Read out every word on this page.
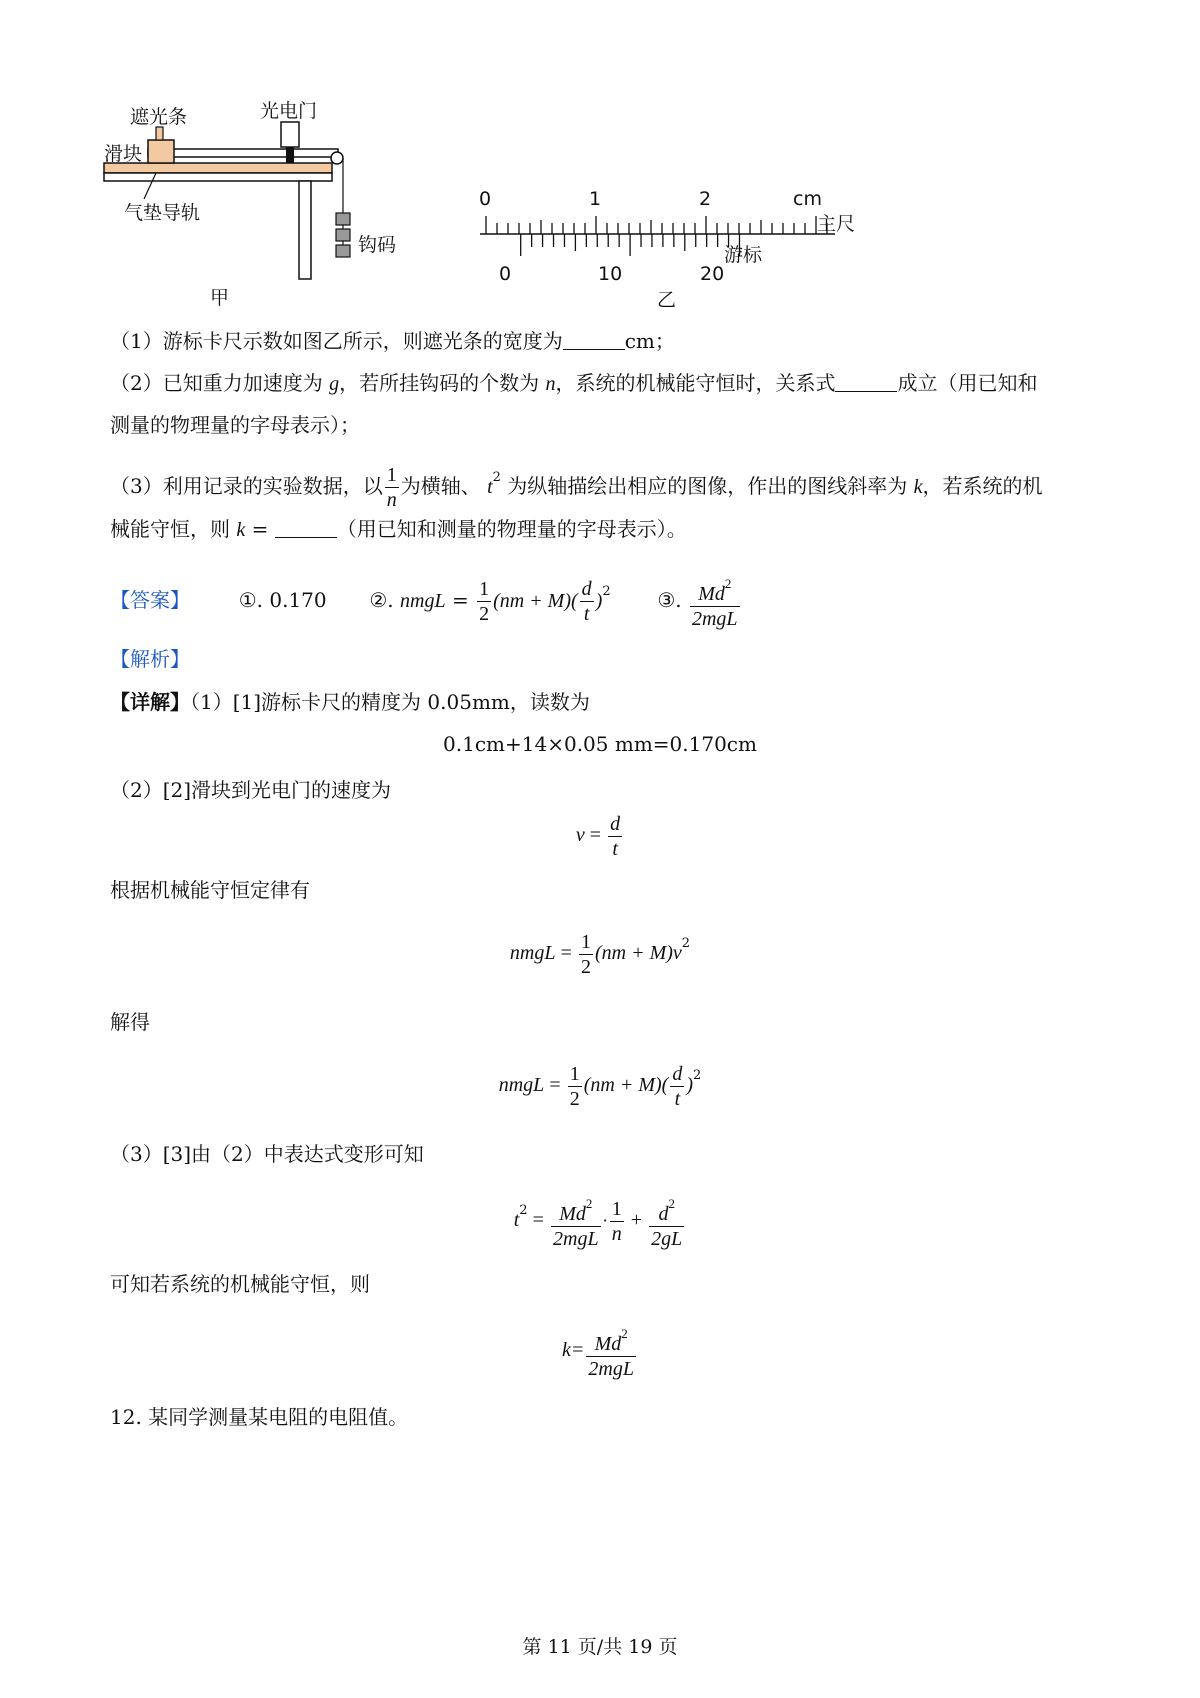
遮光条
滑块
光电门
气垫导轨
钩码
甲
0	1	2	cm
主尺
游标
0	10	20
乙
（1）游标卡尺示数如图乙所示，则遮光条的宽度为	cm；
（2）已知重力加速度为 g，若所挂钩码的个数为 n，系统的机械能守恒时，关系式	成立（用已知和
测量的物理量的字母表示）；
（3）利用记录的实验数据，以 $\frac{1}{n}$ 为横轴、 $t^2$ 为纵轴描绘出相应的图像，作出的图线斜率为 k，若系统的机
械能守恒，则 k =	（用已知和测量的物理量的字母表示）。
【答案】 ①. 0.170 ②. nmgL = $\frac{1}{2} (nm + M)( \frac{d}{t} )^2$ ③. $\frac{Md^2}{\text{2mgL}}$
【解析】
【详解】（1）[1]游标卡尺的精度为 0.05mm，读数为
0.1cm+14×0.05 mm=0.170cm
（2）[2]滑块到光电门的速度为
$v = \frac{d}{t}$
根据机械能守恒定律有
nmgL = $\frac{1}{2} (nm + M)v^2$
解得
nmgL = $\frac{1}{2} (nm + M)( \frac{d}{t} )^2$
（3）[3]由（2）中表达式变形可知
$t^2 = \frac{Md^2}{\text{2mgL}} \cdot \frac{1}{n} + \frac{d^2}{2gL}$
可知若系统的机械能守恒，则
$k= \frac{Md^2}{\text{2mgL}}$
12. 某同学测量某电阻的电阻值。
第 11 页/共 19 页
